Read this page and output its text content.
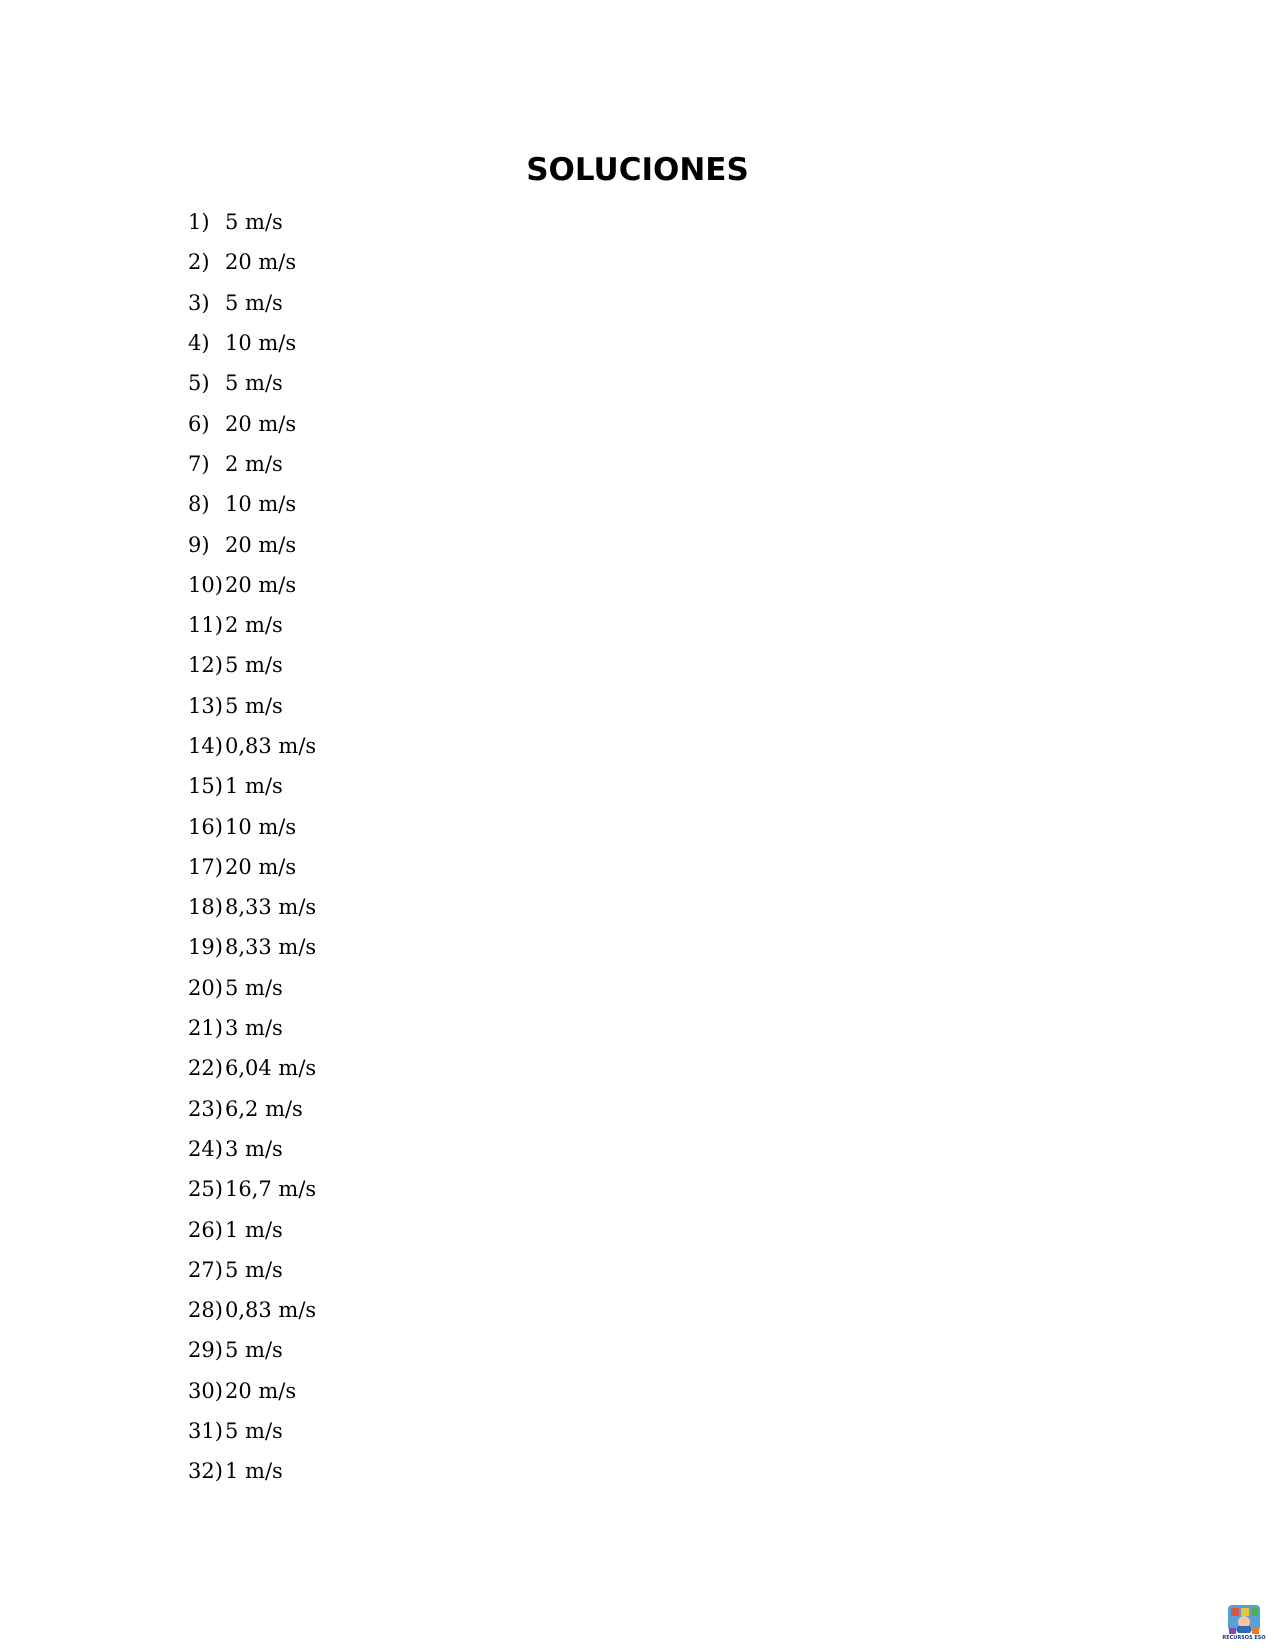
SOLUCIONES
1) 5 m/s
2) 20 m/s
3) 5 m/s
4) 10 m/s
5) 5 m/s
6) 20 m/s
7) 2 m/s
8) 10 m/s
9) 20 m/s
10) 20 m/s
11) 2 m/s
12) 5 m/s
13) 5 m/s
14) 0,83 m/s
15) 1 m/s
16) 10 m/s
17) 20 m/s
18) 8,33 m/s
19) 8,33 m/s
20) 5 m/s
21) 3 m/s
22) 6,04 m/s
23) 6,2 m/s
24) 3 m/s
25) 16,7 m/s
26) 1 m/s
27) 5 m/s
28) 0,83 m/s
29) 5 m/s
30) 20 m/s
31) 5 m/s
32) 1 m/s
RECURSOS ESO
